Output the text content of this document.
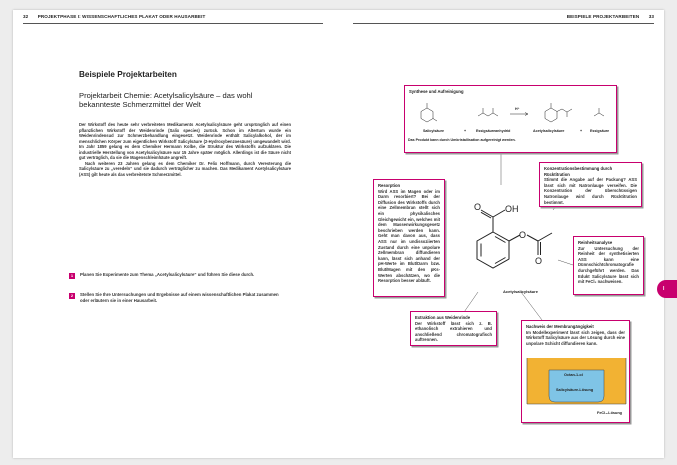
32 PROJEKTPHASE I: WISSENSCHAFTLICHES PLAKAT ODER HAUSARBEIT	BEISPIELE PROJEKTARBEITEN 33
Beispiele Projektarbeiten
Projektarbeit Chemie: Acetylsalicylsäure – das wohl
bekannteste Schmerzmittel der Welt

Der Wirkstoff des heute sehr verbreiteten Medikaments Acetylsalicylsäure geht ursprünglich auf einen pflanzlichen Wirkstoff der Weidenrinde (Salix species) zurück. Schon im Altertum wurde ein Weidenrindensud zur Schmerzbehandlung eingesetzt. Weidenrinde enthält Salicylalkohol, der im menschlichen Körper zum eigentlichen Wirkstoff Salicylsäure (2-Hydroxybenzoesäure) umgewandelt wird. Im Jahr 1859 gelang es dem Chemiker Hermann Kolbe, die Struktur des Wirkstoffs aufzuklären. Die industrielle Herstellung von Acetylsalicylsäure war 15 Jahre später möglich. Allerdings ist die Säure nicht gut verträglich, da sie die Magenschleimhäute angreift.

Nach weiteren 23 Jahren gelang es dem Chemiker Dr. Felix Hoffmann, durch Veresterung die Salicylsäure zu „veredeln“ und sie dadurch verträglicher zu machen. Das Medikament Acetylsalicylsäure (ASS) gilt heute als das verbreitetste Schmerzmittel.

1	Planen Sie Experimente zum Thema „Acetylsalicylsäure“ und führen Sie diese durch.
2	Stellen Sie Ihre Untersuchungen und Ergebnisse auf einem wissenschaftlichen Plakat zusammen oder erläutern sie in einer Hausarbeit.
Synthese und Aufreinigung
Salicylsäure	+	Essigsäureanhydrid
H⁺
Acetylsalicylsäure	+ Essigsäure
Das Produkt kann durch Umkristallisation aufgereinigt werden.
Resorption
Wird ASS im Magen oder im Darm resorbiert? Bei der Diffusion des Wirkstoffs durch eine Zellmembran stellt sich ein physikalisches Gleichgewicht ein, welches mit dem Massenwirkungsgesetz beschrieben werden kann. Geht man davon aus, dass ASS nur im undissoziierten Zustand durch eine unpolare Zellmembran diffundieren kann, lässt sich anhand der pH-Werte im Blut/Darm bzw. Blut/Magen mit den pKs-Werten abschätzen, wo die Resorption besser abläuft.
Konzentrationsbestimmung durch Rücktitration
Stimmt die Angabe auf der Packung? ASS lässt sich mit Natronlauge verseifen. Die Konzentration der überschüssigen Natronlauge wird durch Rücktitration bestimmt.
Reinheitsanalyse
Zur Untersuchung der Reinheit der synthetisierten ASS kann eine Dünnschichtchromatografie durchgeführt werden. Das Edukt Salicylsäure lässt sich mit FeCl₃ nachweisen.
Extraktion aus Weidenrinde
Der Wirkstoff lässt sich z. B. ethanolisch extrahieren und anschließend chromatografisch auftrennen.
Nachweis der Membrangängigkeit
Im Modellexperiment lässt sich zeigen, dass der Wirkstoff Salicylsäure aus der Lösung durch eine unpolare Schicht diffundieren kann.
Octan-1-ol
Salicylsäure-Lösung
FeCl₃-Lösung
O	OH
O
O
Acetylsalicylsäure	I
